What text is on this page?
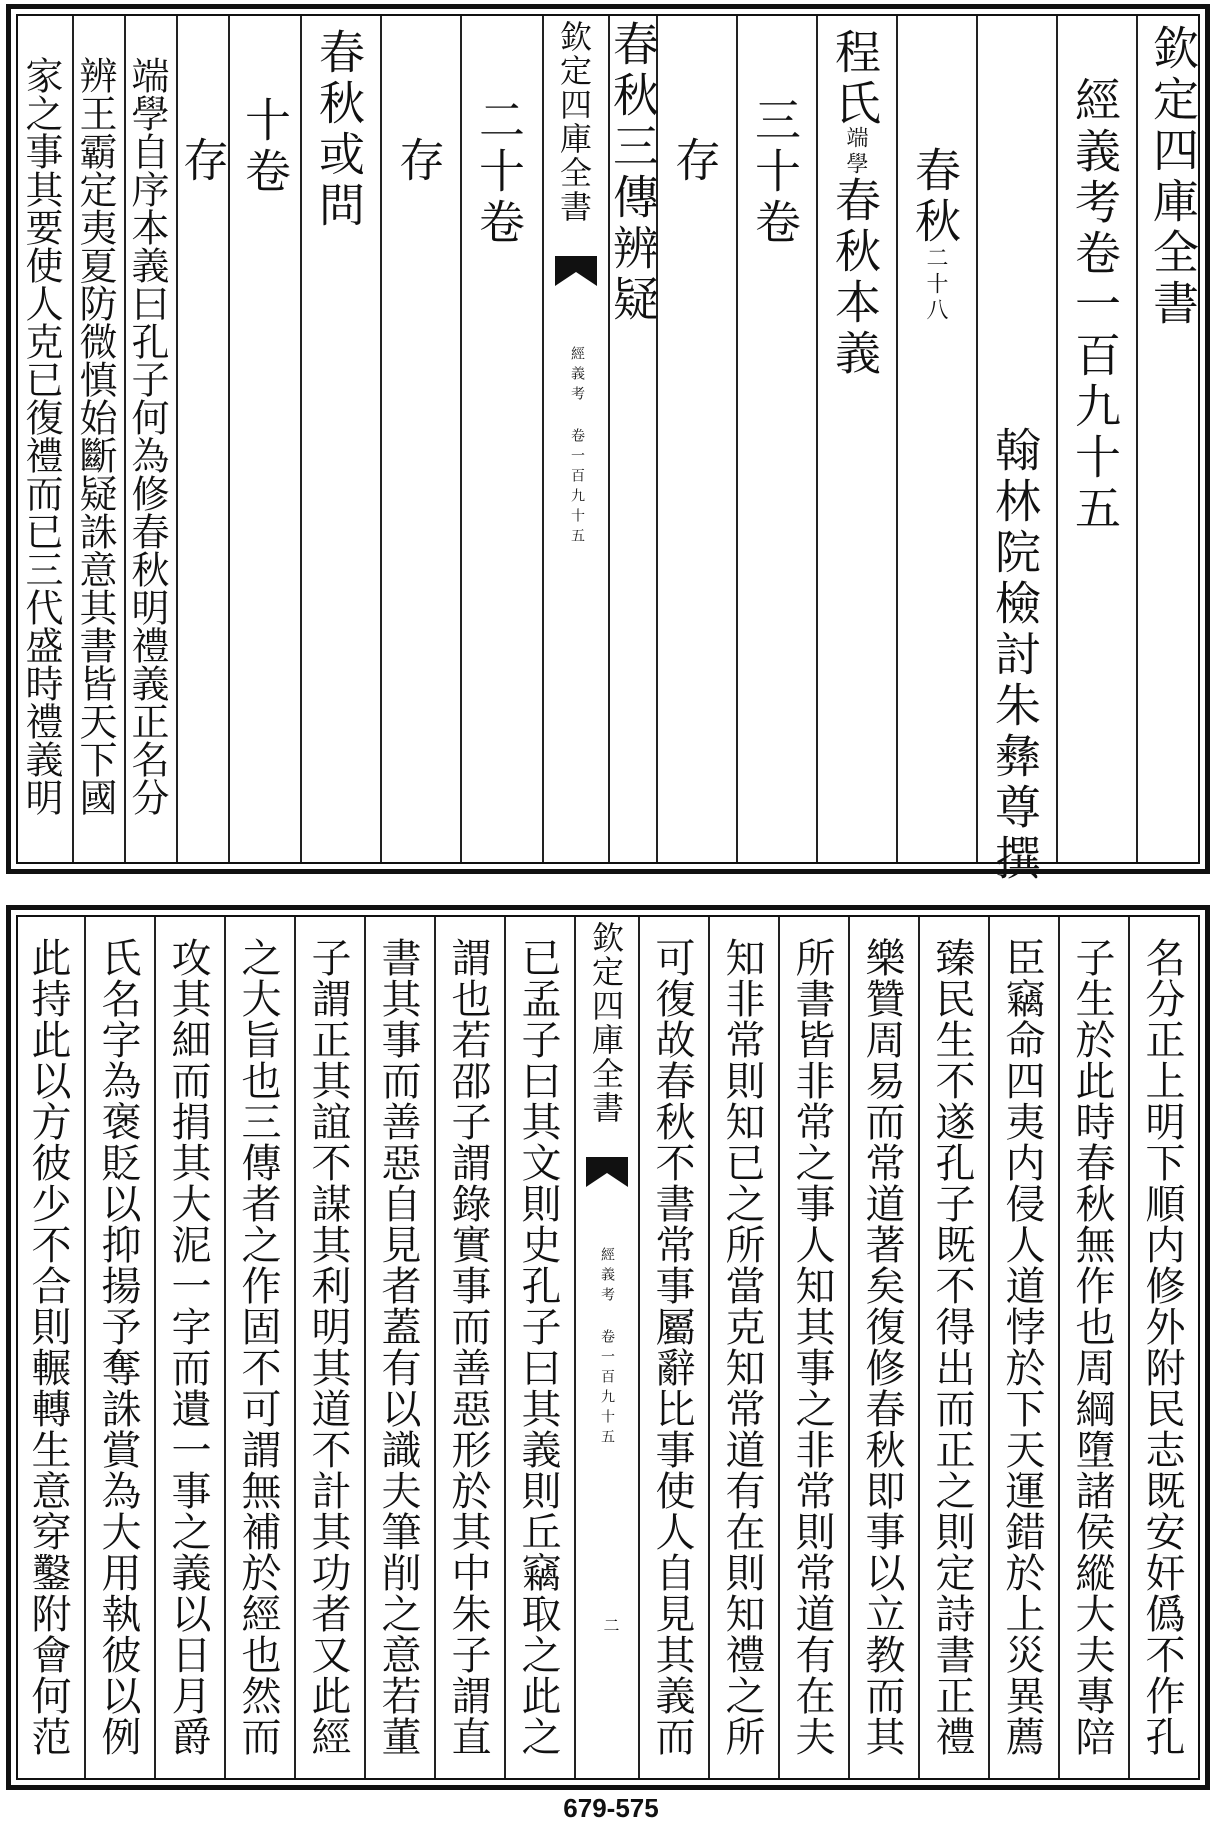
欽定四庫全書
經義考卷一百九十五
翰林院檢討朱彝尊撰
春秋
二十八
程氏
端學
春秋本義
三十卷
存
春秋三傳辨疑
欽定四庫全書
經義考 卷一百九十五
二十卷
存
春秋或問
十卷
存
端學自序本義曰孔子何為修春秋明禮義正名分
辨王霸定夷夏防微慎始斷疑誅意其書皆天下國
家之事其要使人克已復禮而已三代盛時禮義明
名分正上明下順内修外附民志既安奸僞不作孔
子生於此時春秋無作也周綱墮諸侯縱大夫專陪
臣竊命四夷内侵人道悖於下天運錯於上災異薦
臻民生不遂孔子既不得出而正之則定詩書正禮
樂贊周易而常道著矣復修春秋即事以立教而其
所書皆非常之事人知其事之非常則常道有在夫
知非常則知已之所當克知常道有在則知禮之所
可復故春秋不書常事屬辭比事使人自見其義而
欽定四庫全書
經義考 卷一百九十五
二
已孟子曰其文則史孔子曰其義則丘竊取之此之
謂也若邵子謂錄實事而善惡形於其中朱子謂直
書其事而善惡自見者蓋有以識夫筆削之意若董
子謂正其誼不謀其利明其道不計其功者又此經
之大旨也三傳者之作固不可謂無補於經也然而
攻其細而捐其大泥一字而遺一事之義以日月爵
氏名字為褒貶以抑揚予奪誅賞為大用執彼以例
此持此以方彼少不合則輾轉生意穿鑿附會何范
679-575
